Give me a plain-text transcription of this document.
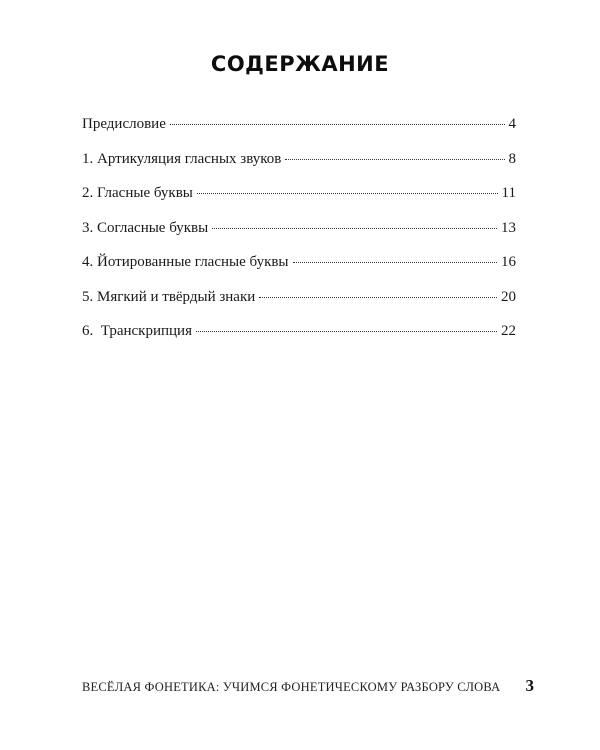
СОДЕРЖАНИЕ
Предисловие	4
1. Артикуляция гласных звуков	8
2. Гласные буквы	11
3. Согласные буквы	13
4. Йотированные гласные буквы	16
5. Мягкий и твёрдый знаки	20
6.  Транскрипция	22
ВЕСЁЛАЯ ФОНЕТИКА: УЧИМСЯ ФОНЕТИЧЕСКОМУ РАЗБОРУ СЛОВА 3
